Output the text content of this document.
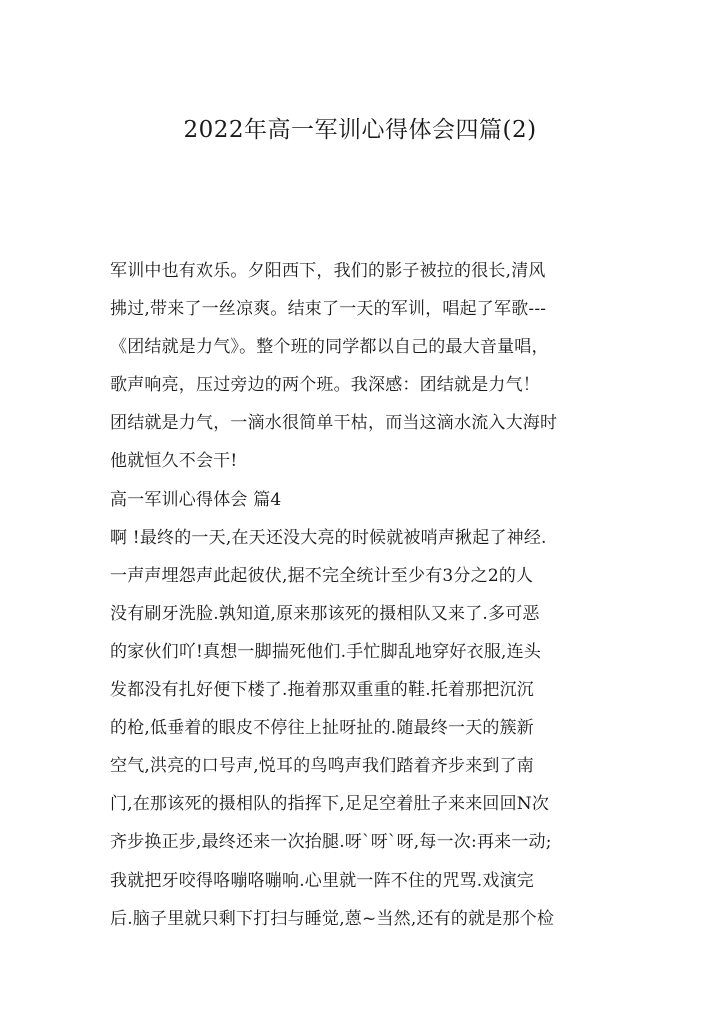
2022年高一军训心得体会四篇(2)
军训中也有欢乐。夕阳西下，我们的影子被拉的很长,清风
拂过,带来了一丝凉爽。结束了一天的军训，唱起了军歌---
《团结就是力气》。整个班的同学都以自己的最大音量唱，
歌声响亮，压过旁边的两个班。我深感：团结就是力气！
团结就是力气，一滴水很简单干枯，而当这滴水流入大海时
他就恒久不会干!
高一军训心得体会 篇4
啊 !最终的一天,在天还没大亮的时候就被哨声揪起了神经.
一声声埋怨声此起彼伏,据不完全统计至少有3分之2的人
没有刷牙洗脸.孰知道,原来那该死的摄相队又来了.多可恶
的家伙们吖!真想一脚揣死他们.手忙脚乱地穿好衣服,连头
发都没有扎好便下楼了.拖着那双重重的鞋.托着那把沉沉
的枪,低垂着的眼皮不停往上扯呀扯的.随最终一天的簇新
空气,洪亮的口号声,悦耳的鸟鸣声我们踏着齐步来到了南
门,在那该死的摄相队的指挥下,足足空着肚子来来回回N次
齐步换正步,最终还来一次抬腿.呀`呀`呀,每一次:再来一动;
我就把牙咬得咯嘣咯嘣响.心里就一阵不住的咒骂.戏演完
后.脑子里就只剩下打扫与睡觉,蒽~当然,还有的就是那个检
